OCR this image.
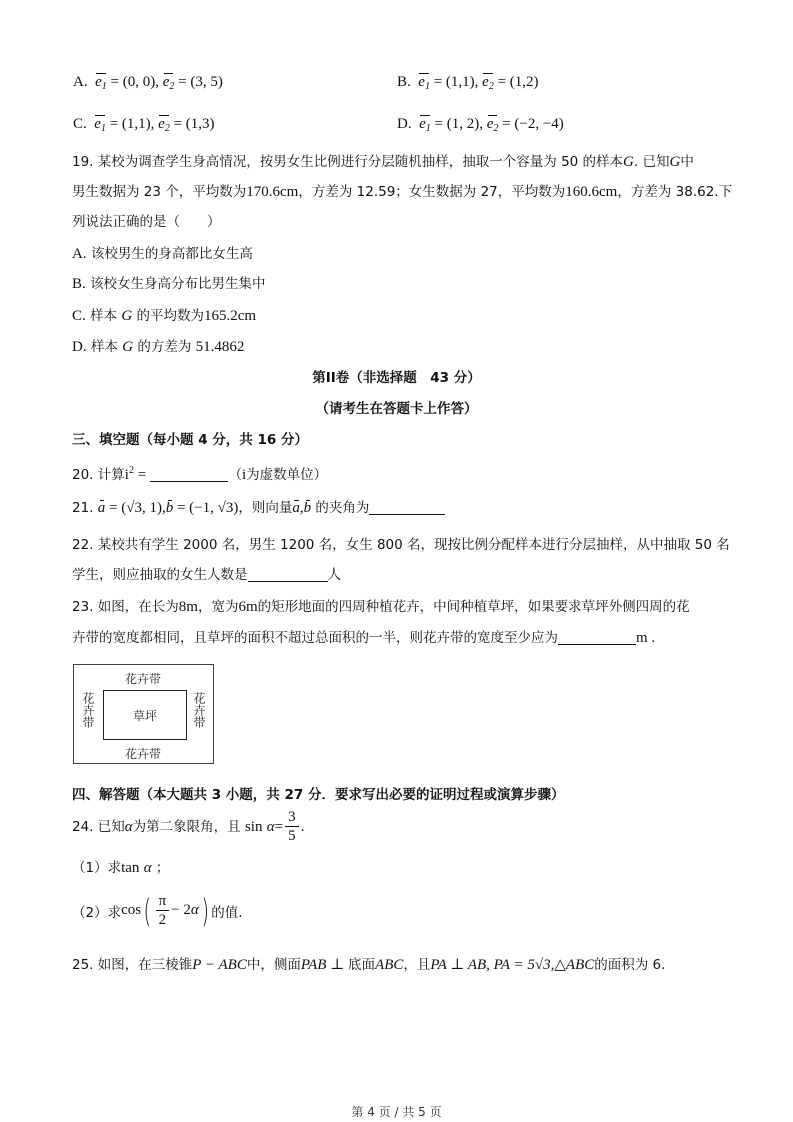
A. $e_1 = (0$, 0), $e_2 = (3$, 5)	B. $e_1 = (1,1)$, $e_2 = (1,2)$
C. $e_1 = (1,1)$, $e_2 = (1,3)$	D. $e_1 = (1$, 2), $e_2 = (-2$, −4)
19. 某校为调查学生身高情况，按男女生比例进行分层随机抽样，抽取一个容量为 50 的样本G. 已知G中
男生数据为 23 个，平均数为170.6cm，方差为 12.59；女生数据为 27，平均数为160.6cm，方差为 38.62.下
列说法正确的是（　　）
A. 该校男生的身高都比女生高
B. 该校女生身高分布比男生集中
C. 样本 G 的平均数为165.2cm
D. 样本 G 的方差为 51.4862
第II卷（非选择题　43 分）
（请考生在答题卡上作答）
三、填空题（每小题 4 分，共 16 分）
20. 计算$i^2$ =	（i为虚数单位）
21. a = (√3, 1),b = (−1, √3)，则向量a,b 的夹角为
22. 某校共有学生 2000 名，男生 1200 名，女生 800 名，现按比例分配样本进行分层抽样，从中抽取 50 名
学生，则应抽取的女生人数是	人
23. 如图，在长为8m，宽为6m的矩形地面的四周种植花卉，中间种植草坪，如果要求草坪外侧四周的花
卉带的宽度都相同，且草坪的面积不超过总面积的一半，则花卉带的宽度至少应为	m .
花卉带
花卉带	花卉带
草坪
花卉带
四、解答题（本大题共 3 小题，共 27 分．要求写出必要的证明过程或演算步骤）
24.
已知 α 为第二象限角，且
sin
$\alpha = \frac{3}{5}$ .
（1）求tan α ；
（2）求 cos ( $\frac{\pi}{2} - 2$ α ) 的值.
25. 如图，在三棱锥P − ABC中，侧面PAB ⊥ 底面ABC，且PA ⊥ AB, PA = 5√3,△ABC的面积为 6.
第 4 页 / 共 5 页
